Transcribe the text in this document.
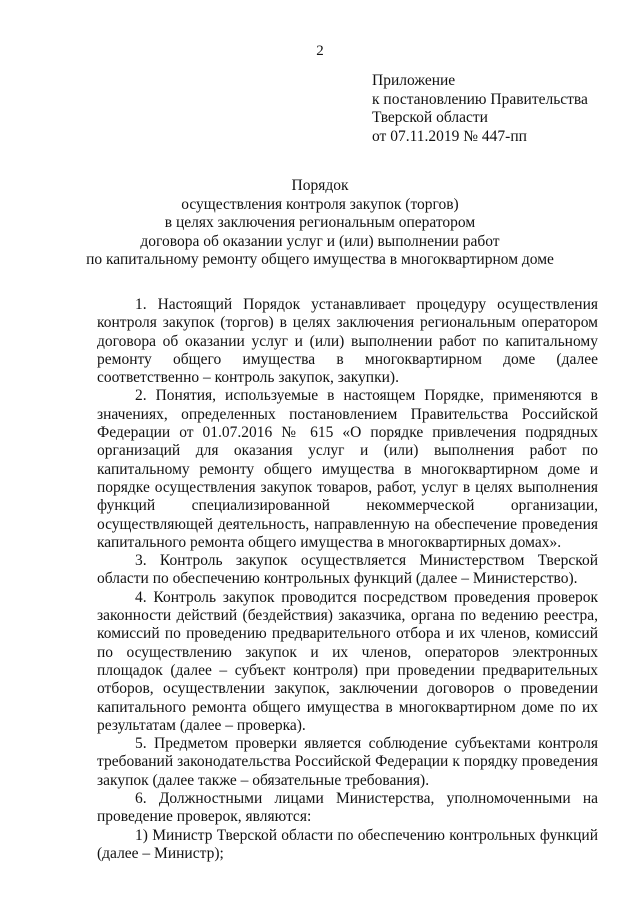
2
Приложение
к постановлению Правительства
Тверской области
от 07.11.2019 № 447-пп
Порядок
осуществления контроля закупок (торгов)
в целях заключения региональным оператором
договора об оказании услуг и (или) выполнении работ
по капитальному ремонту общего имущества в многоквартирном доме

1. Настоящий Порядок устанавливает процедуру осуществления контроля закупок (торгов) в целях заключения региональным оператором договора об оказании услуг и (или) выполнении работ по капитальному ремонту общего имущества в многоквартирном доме (далее соответственно – контроль закупок, закупки).

2. Понятия, используемые в настоящем Порядке, применяются в значениях, определенных постановлением Правительства Российской Федерации от 01.07.2016 № 615 «О порядке привлечения подрядных организаций для оказания услуг и (или) выполнения работ по капитальному ремонту общего имущества в многоквартирном доме и порядке осуществления закупок товаров, работ, услуг в целях выполнения функций специализированной некоммерческой организации, осуществляющей деятельность, направленную на обеспечение проведения капитального ремонта общего имущества в многоквартирных домах».

3. Контроль закупок осуществляется Министерством Тверской области по обеспечению контрольных функций (далее – Министерство).

4. Контроль закупок проводится посредством проведения проверок законности действий (бездействия) заказчика, органа по ведению реестра, комиссий по проведению предварительного отбора и их членов, комиссий по осуществлению закупок и их членов, операторов электронных площадок (далее – субъект контроля) при проведении предварительных отборов, осуществлении закупок, заключении договоров о проведении капитального ремонта общего имущества в многоквартирном доме по их результатам (далее – проверка).

5. Предметом проверки является соблюдение субъектами контроля требований законодательства Российской Федерации к порядку проведения закупок (далее также – обязательные требования).

6. Должностными лицами Министерства, уполномоченными на проведение проверок, являются:

1) Министр Тверской области по обеспечению контрольных функций (далее – Министр);
